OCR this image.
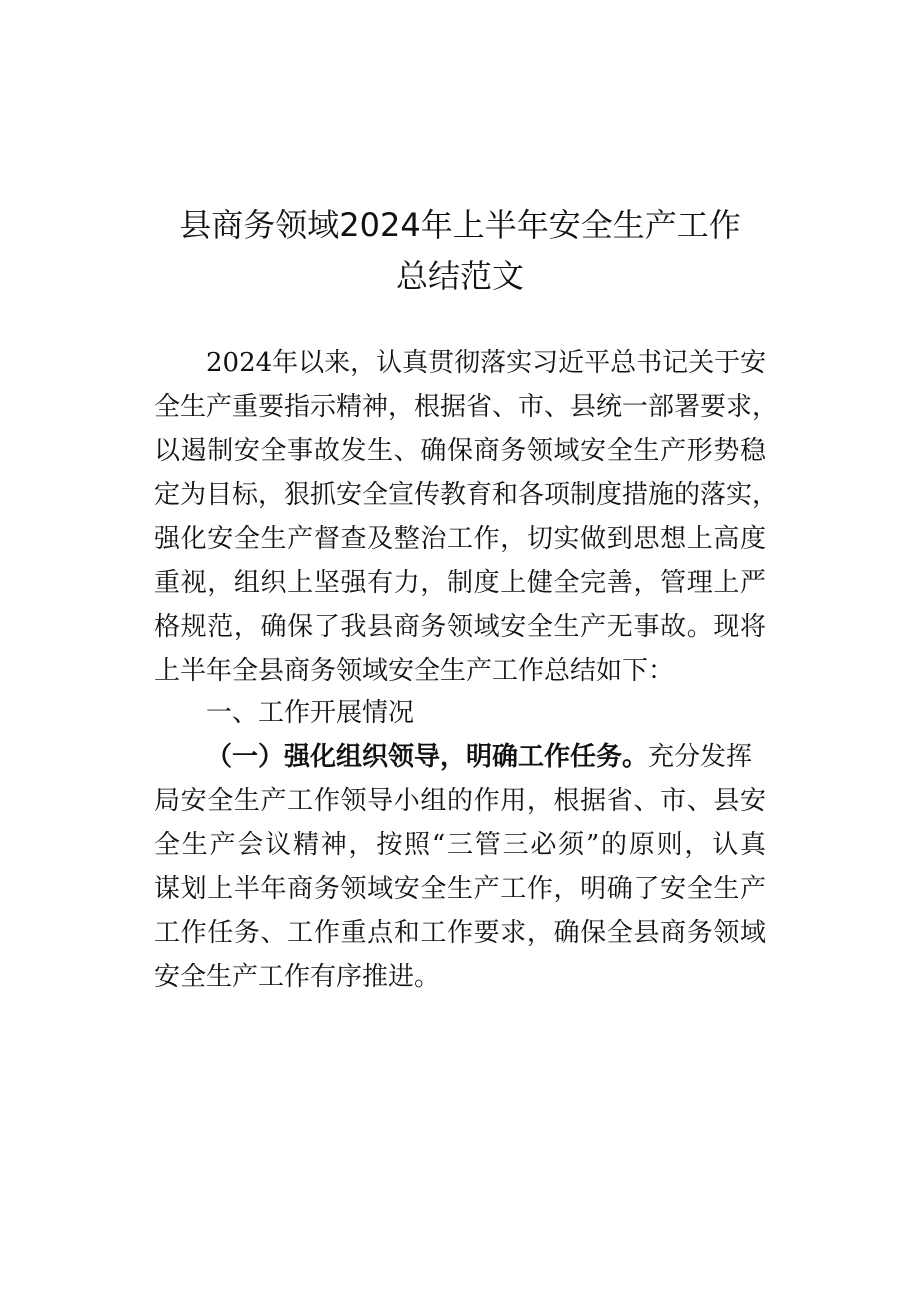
县商务领域2024年上半年安全生产工作
总结范文
2024年以来，认真贯彻落实习近平总书记关于安
全生产重要指示精神，根据省、市、县统一部署要求，
以遏制安全事故发生、确保商务领域安全生产形势稳
定为目标，狠抓安全宣传教育和各项制度措施的落实，
强化安全生产督查及整治工作，切实做到思想上高度
重视，组织上坚强有力，制度上健全完善，管理上严
格规范，确保了我县商务领域安全生产无事故。现将
上半年全县商务领域安全生产工作总结如下：
一、工作开展情况
（一）强化组织领导，明确工作任务。充分发挥
局安全生产工作领导小组的作用，根据省、市、县安
全生产会议精神，按照“三管三必须”的原则，认真
谋划上半年商务领域安全生产工作，明确了安全生产
工作任务、工作重点和工作要求，确保全县商务领域
安全生产工作有序推进。
